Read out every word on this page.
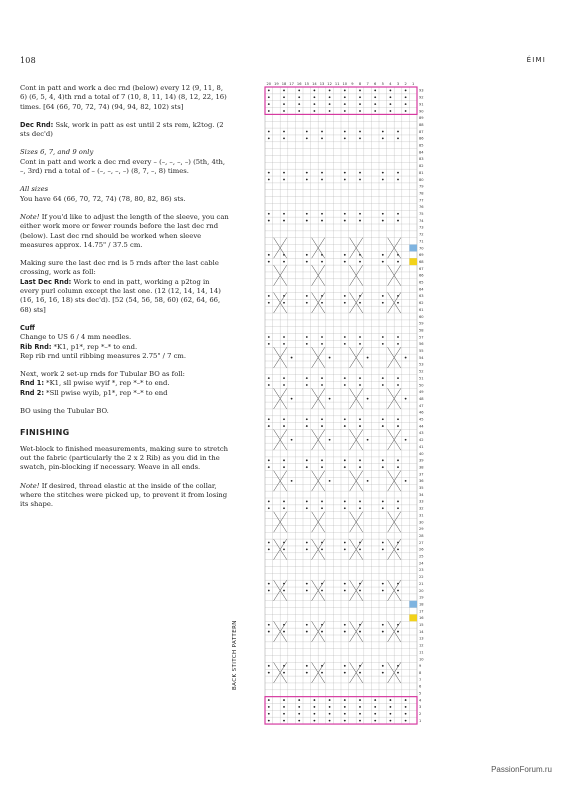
108	ÉIMI

Cont in patt and work a dec rnd (below) every 12 (9, 11, 8, 6) (6, 5, 4, 4)th rnd a total of 7 (10, 8, 11, 14) (8, 12, 22, 16) times. [64 (66, 70, 72, 74) (94, 94, 82, 102) sts]

Dec Rnd: Ssk, work in patt as est until 2 sts rem, k2tog. (2 sts dec'd)

Sizes 6, 7, and 9 only
Cont in patt and work a dec rnd every – (–, –, –, –) (5th, 4th, –, 3rd) rnd a total of – (–, –, –, –) (8, 7, –, 8) times.

All sizes
You have 64 (66, 70, 72, 74) (78, 80, 82, 86) sts.

Note! If you'd like to adjust the length of the sleeve, you can either work more or fewer rounds before the last dec rnd (below). Last dec rnd should be worked when sleeve measures approx. 14.75" / 37.5 cm.

Making sure the last dec rnd is 5 rnds after the last cable crossing, work as foll:
Last Dec Rnd: Work to end in patt, working a p2tog in every purl column except the last one. (12 (12, 14, 14, 14) (16, 16, 16, 18) sts dec'd). [52 (54, 56, 58, 60) (62, 64, 66, 68) sts]

Cuff
Change to US 6 / 4 mm needles.
Rib Rnd: *K1, p1*, rep *–* to end.
Rep rib rnd until ribbing measures 2.75" / 7 cm.

Next, work 2 set-up rnds for Tubular BO as foll:
Rnd 1: *K1, sll pwise wyif *, rep *–* to end.
Rnd 2: *Sll pwise wyib, p1*, rep *–* to end

BO using the Tubular BO.

FINISHING

Wet-block to finished measurements, making sure to stretch out the fabric (particularly the 2 x 2 Rib) as you did in the swatch, pin-blocking if necessary. Weave in all ends.

Note! If desired, thread elastic at the inside of the collar, where the stitches were picked up, to prevent it from losing its shape.

20 19 18 17 16 15 14 13 12 11 10 9 8 7 6 5 4 3 2 1
93
92
91
90
89
88
87
86
85
84
83
82
81
80
79
78
77
76
75
74
73
72
71
70
69
68
67
66
65
64
63
62
61
60
59
58
57
56
55
54
53
52
51
50
49
48
47
46
45
44
43
42
41
40
39
38
37
36
35
34
33
32
31
30
29
28
27
26
25
24
23
22
21
20
19
18
17
16
15
14
13
12
11
10
9
8
7
6
5
4
3
2
1
BACK STITCH PATTERN
PassionForum.ru
